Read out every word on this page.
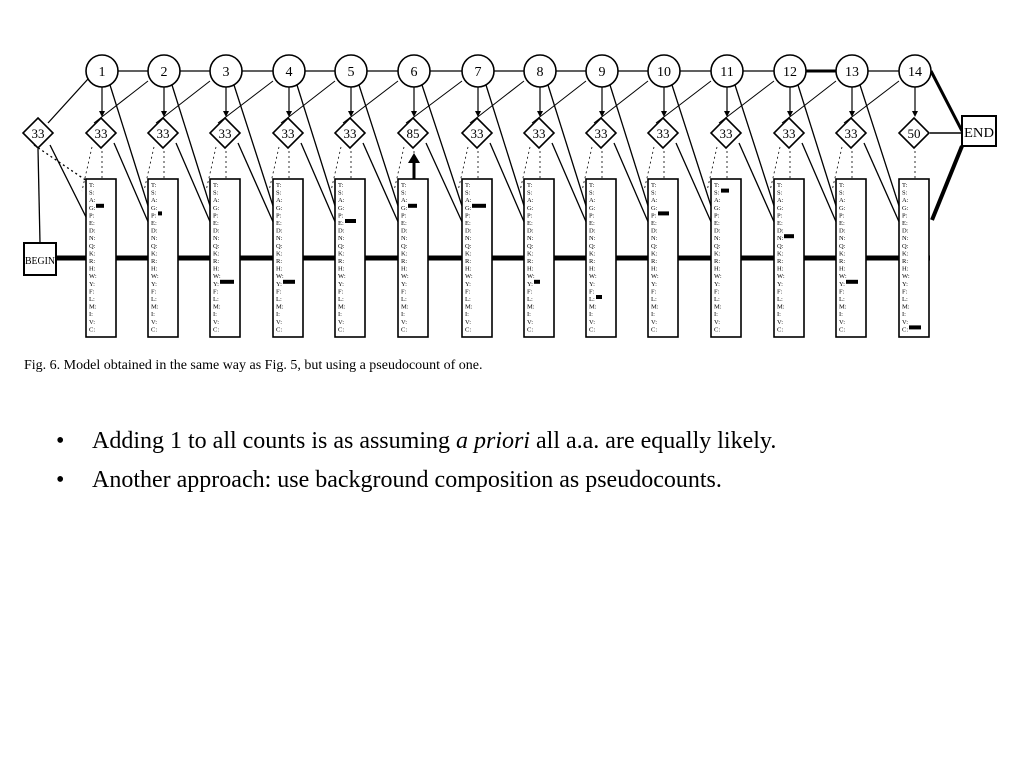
T:
S:
A:
G:
P:
E:
D:
N:
Q:
K:
R:
H:
W:
Y:
F:
L:
M:
I:
V:
C:
T:
S:
A:
G:
P:
E:
D:
N:
Q:
K:
R:
H:
W:
Y:
F:
L:
M:
I:
V:
C:
T:
S:
A:
G:
P:
E:
D:
N:
Q:
K:
R:
H:
W:
Y:
F:
L:
M:
I:
V:
C:
T:
S:
A:
G:
P:
E:
D:
N:
Q:
K:
R:
H:
W:
Y:
F:
L:
M:
I:
V:
C:
T:
S:
A:
G:
P:
E:
D:
N:
Q:
K:
R:
H:
W:
Y:
F:
L:
M:
I:
V:
C:
T:
S:
A:
G:
P:
E:
D:
N:
Q:
K:
R:
H:
W:
Y:
F:
L:
M:
I:
V:
C:
T:
S:
A:
G:
P:
E:
D:
N:
Q:
K:
R:
H:
W:
Y:
F:
L:
M:
I:
V:
C:
T:
S:
A:
G:
P:
E:
D:
N:
Q:
K:
R:
H:
W:
Y:
F:
L:
M:
I:
V:
C:
T:
S:
A:
G:
P:
E:
D:
N:
Q:
K:
R:
H:
W:
Y:
F:
L:
M:
I:
V:
C:
T:
S:
A:
G:
P:
E:
D:
N:
Q:
K:
R:
H:
W:
Y:
F:
L:
M:
I:
V:
C:
T:
S:
A:
G:
P:
E:
D:
N:
Q:
K:
R:
H:
W:
Y:
F:
L:
M:
I:
V:
C:
T:
S:
A:
G:
P:
E:
D:
N:
Q:
K:
R:
H:
W:
Y:
F:
L:
M:
I:
V:
C:
T:
S:
A:
G:
P:
E:
D:
N:
Q:
K:
R:
H:
W:
Y:
F:
L:
M:
I:
V:
C:
T:
S:
A:
G:
P:
E:
D:
N:
Q:
K:
R:
H:
W:
Y:
F:
L:
M:
I:
V:
C:
33	33	33	33	33	33	85	33	33	33	33	33	33	33	50
1	2	3	4	5	6	7	8	9	10	11	12	13	14
BEGIN
END
Fig. 6. Model obtained in the same way as Fig. 5, but using a pseudocount of one.
• Adding 1 to all counts is as assuming a priori all a.a. are equally likely.
• Another approach: use background composition as pseudocounts.
